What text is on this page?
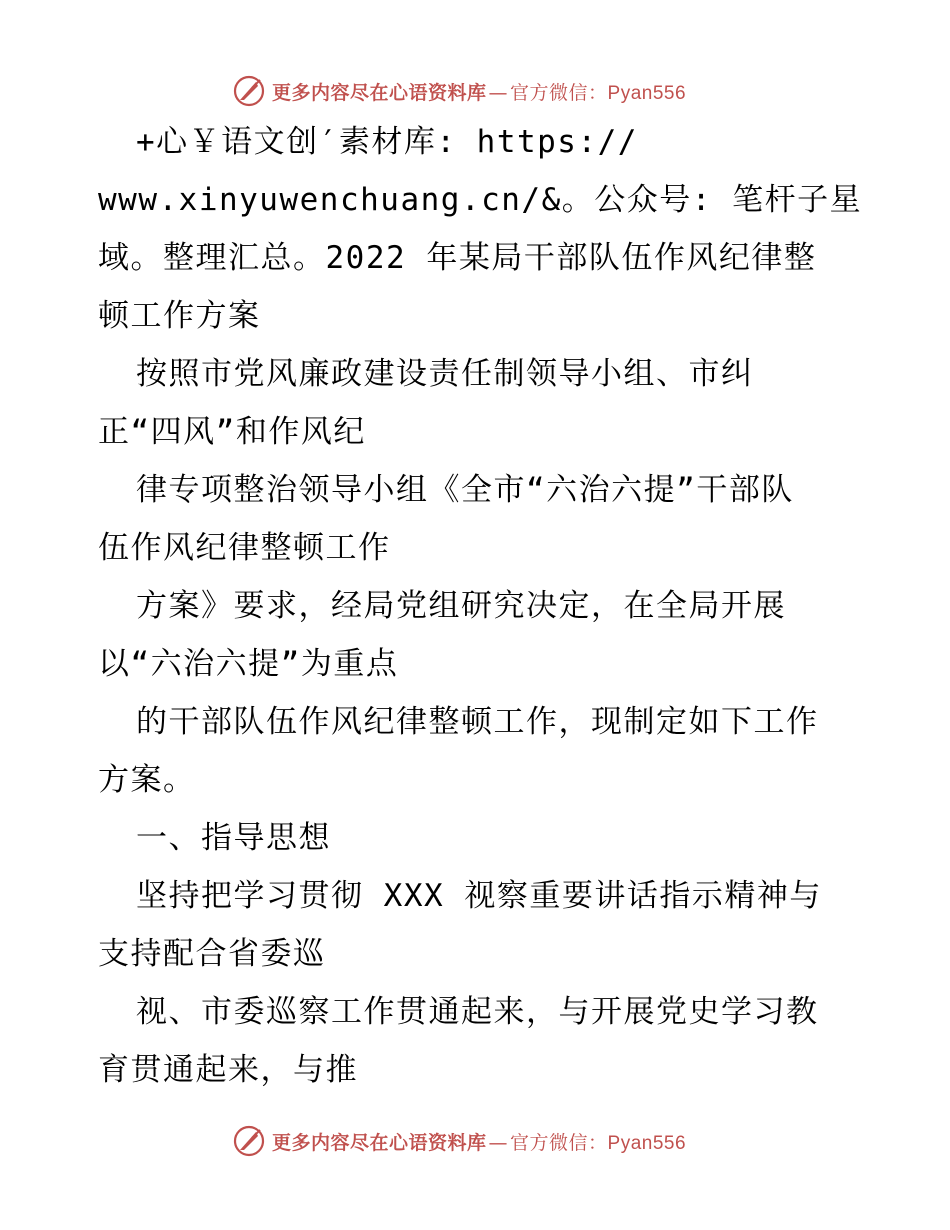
更多内容尽在心语资料库 — 官方微信：Pyan556
+心￥语文创′素材库: https://
www.xinyuwenchuang.cn/&。公众号: 笔杆子星
域。整理汇总。2022 年某局干部队伍作风纪律整
顿工作方案
按照市党风廉政建设责任制领导小组、市纠
正“四风”和作风纪
律专项整治领导小组《全市“六治六提”干部队
伍作风纪律整顿工作
方案》要求，经局党组研究决定，在全局开展
以“六治六提”为重点
的干部队伍作风纪律整顿工作，现制定如下工作
方案。
一、指导思想
坚持把学习贯彻 XXX 视察重要讲话指示精神与
支持配合省委巡
视、市委巡察工作贯通起来，与开展党史学习教
育贯通起来，与推
更多内容尽在心语资料库 — 官方微信：Pyan556
